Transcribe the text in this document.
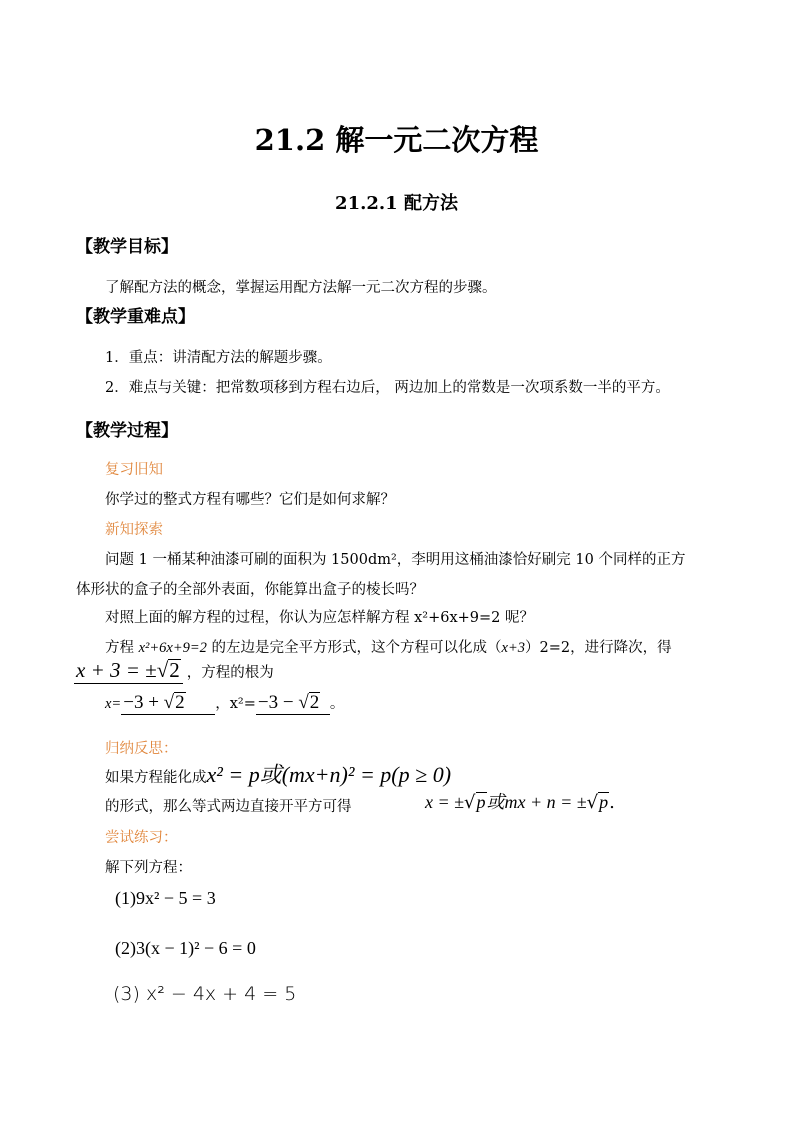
21.2 解一元二次方程
21.2.1 配方法
【教学目标】
了解配方法的概念，掌握运用配方法解一元二次方程的步骤。
【教学重难点】
1．重点：讲清配方法的解题步骤。
2．难点与关键：把常数项移到方程右边后， 两边加上的常数是一次项系数一半的平方。
【教学过程】
复习旧知
你学过的整式方程有哪些？它们是如何求解？
新知探索
问题 1 一桶某种油漆可刷的面积为 1500dm²，李明用这桶油漆恰好刷完 10 个同样的正方
体形状的盒子的全部外表面，你能算出盒子的棱长吗？
对照上面的解方程的过程，你认为应怎样解方程 x²+6x+9=2 呢？
方程 x²+6x+9=2 的左边是完全平方形式，这个方程可以化成（x+3）2=2，进行降次，得
x + 3 = ±√2 ，方程的根为
x= −3 + √2 ，x²= −3 − √2 。
归纳反思：
如果方程能化成x² = p或(mx+n)² = p(p ≥ 0)
的形式，那么等式两边直接开平方可得	x = ±√p或mx + n = ±√p.
尝试练习：
解下列方程：
(1)9x² − 5 = 3
(2)3(x − 1)² − 6 = 0
(3) x² − 4x + 4 = 5
